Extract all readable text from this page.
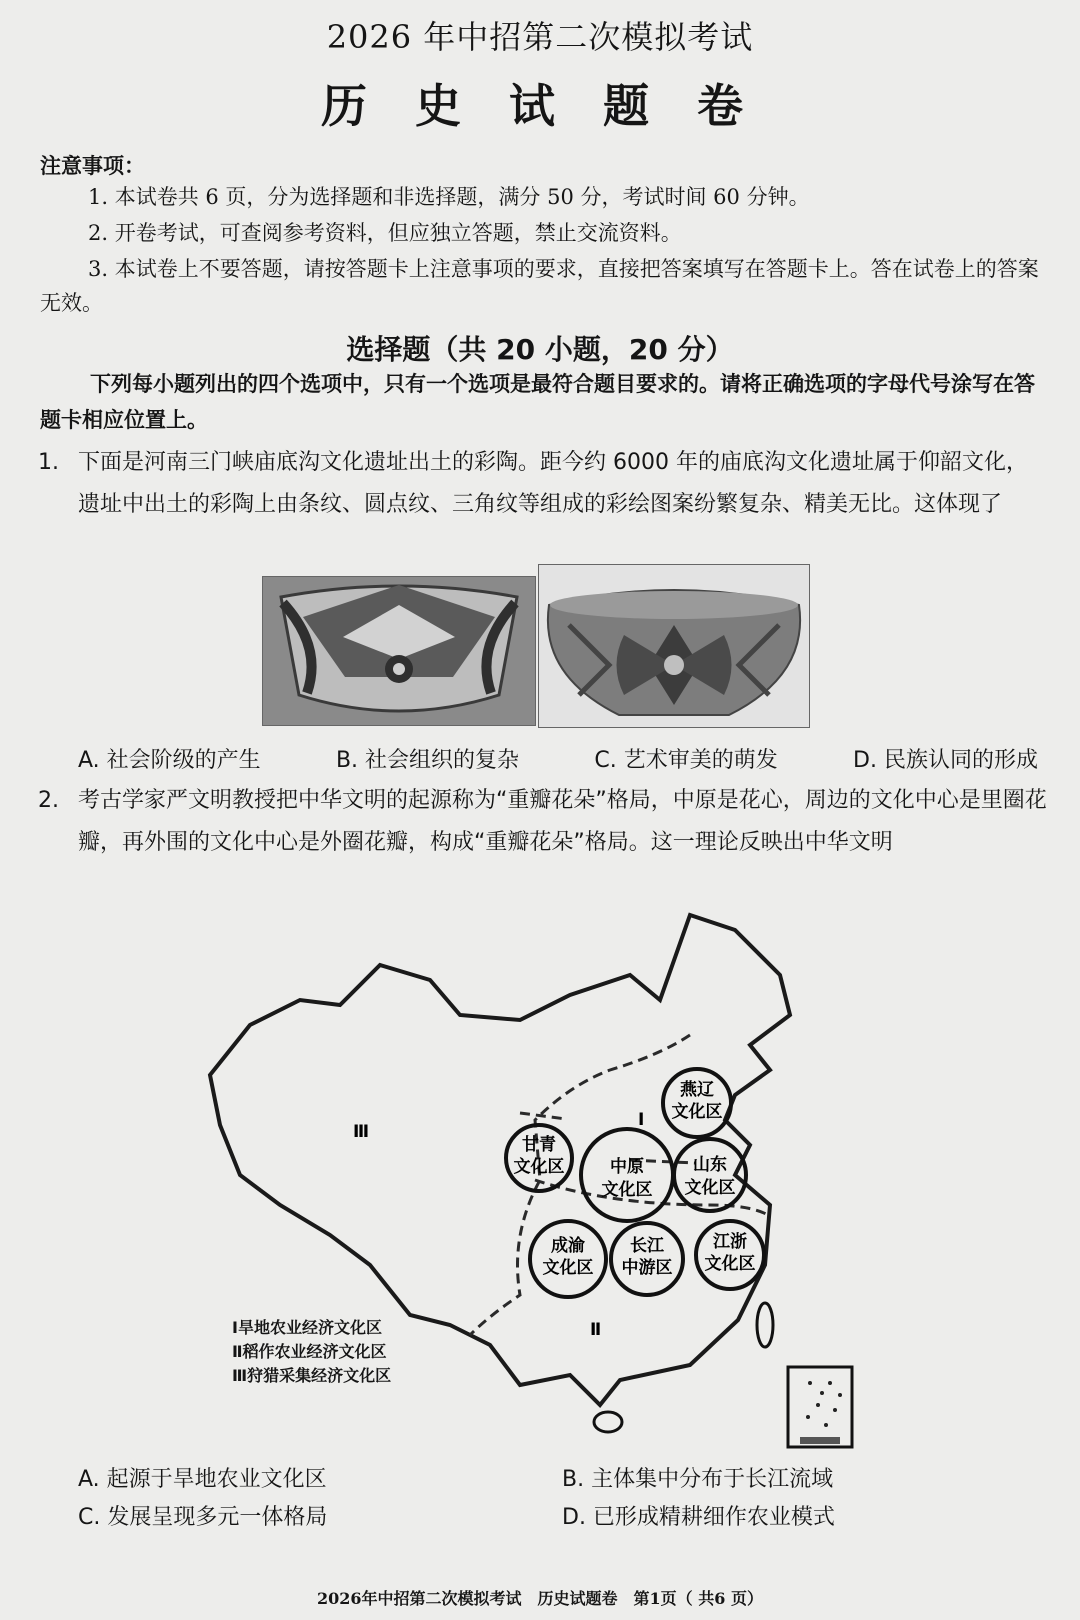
2026 年中招第二次模拟考试
历 史 试 题 卷
注意事项：
1. 本试卷共 6 页，分为选择题和非选择题，满分 50 分，考试时间 60 分钟。
2. 开卷考试，可查阅参考资料，但应独立答题，禁止交流资料。
3. 本试卷上不要答题，请按答题卡上注意事项的要求，直接把答案填写在答题卡上。答在试卷上的答案无效。
选择题（共 20 小题，20 分）
下列每小题列出的四个选项中，只有一个选项是最符合题目要求的。请将正确选项的字母代号涂写在答题卡相应位置上。
1. 下面是河南三门峡庙底沟文化遗址出土的彩陶。距今约 6000 年的庙底沟文化遗址属于仰韶文化，遗址中出土的彩陶上由条纹、圆点纹、三角纹等组成的彩绘图案纷繁复杂、精美无比。这体现了
A. 社会阶级的产生	B. 社会组织的复杂	C. 艺术审美的萌发	D. 民族认同的形成
2. 考古学家严文明教授把中华文明的起源称为“重瓣花朵”格局，中原是花心，周边的文化中心是里圈花瓣，再外围的文化中心是外圈花瓣，构成“重瓣花朵”格局。这一理论反映出中华文明
燕辽
文化区
甘青
文化区	中原
文化区
山东
文化区
成渝
文化区
长江
中游区
江浙
文化区
Ⅰ
Ⅱ
Ⅲ
Ⅰ旱地农业经济文化区
Ⅱ稻作农业经济文化区
Ⅲ狩猎采集经济文化区
A. 起源于旱地农业文化区	B. 主体集中分布于长江流域
C. 发展呈现多元一体格局	D. 已形成精耕细作农业模式
2026年中招第二次模拟考试　历史试题卷　第1页（ 共6 页）
